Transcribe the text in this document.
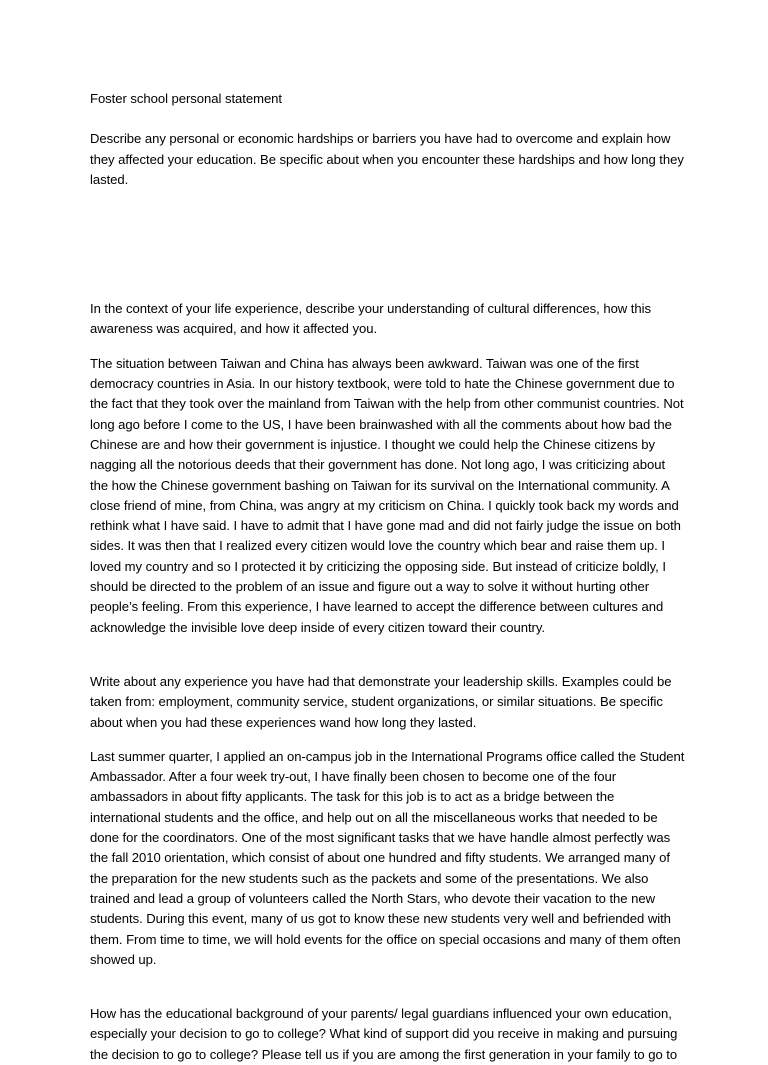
Foster school personal statement

Describe any personal or economic hardships or barriers you have had to overcome and explain how they affected your education. Be specific about when you encounter these hardships and how long they lasted.

In the context of your life experience, describe your understanding of cultural differences, how this awareness was acquired, and how it affected you.

The situation between Taiwan and China has always been awkward. Taiwan was one of the first democracy countries in Asia. In our history textbook, were told to hate the Chinese government due to the fact that they took over the mainland from Taiwan with the help from other communist countries. Not long ago before I come to the US, I have been brainwashed with all the comments about how bad the Chinese are and how their government is injustice. I thought we could help the Chinese citizens by nagging all the notorious deeds that their government has done. Not long ago, I was criticizing about the how the Chinese government bashing on Taiwan for its survival on the International community. A close friend of mine, from China, was angry at my criticism on China. I quickly took back my words and rethink what I have said. I have to admit that I have gone mad and did not fairly judge the issue on both sides. It was then that I realized every citizen would love the country which bear and raise them up. I loved my country and so I protected it by criticizing the opposing side. But instead of criticize boldly, I should be directed to the problem of an issue and figure out a way to solve it without hurting other people’s feeling. From this experience, I have learned to accept the difference between cultures and acknowledge the invisible love deep inside of every citizen toward their country.

Write about any experience you have had that demonstrate your leadership skills. Examples could be taken from: employment, community service, student organizations, or similar situations. Be specific about when you had these experiences wand how long they lasted.

Last summer quarter, I applied an on-campus job in the International Programs office called the Student Ambassador. After a four week try-out, I have finally been chosen to become one of the four ambassadors in about fifty applicants. The task for this job is to act as a bridge between the international students and the office, and help out on all the miscellaneous works that needed to be done for the coordinators. One of the most significant tasks that we have handle almost perfectly was the fall 2010 orientation, which consist of about one hundred and fifty students. We arranged many of the preparation for the new students such as the packets and some of the presentations. We also trained and lead a group of volunteers called the North Stars, who devote their vacation to the new students. During this event, many of us got to know these new students very well and befriended with them. From time to time, we will hold events for the office on special occasions and many of them often showed up.

How has the educational background of your parents/ legal guardians influenced your own education, especially your decision to go to college? What kind of support did you receive in making and pursuing the decision to go to college? Please tell us if you are among the first generation in your family to go to
